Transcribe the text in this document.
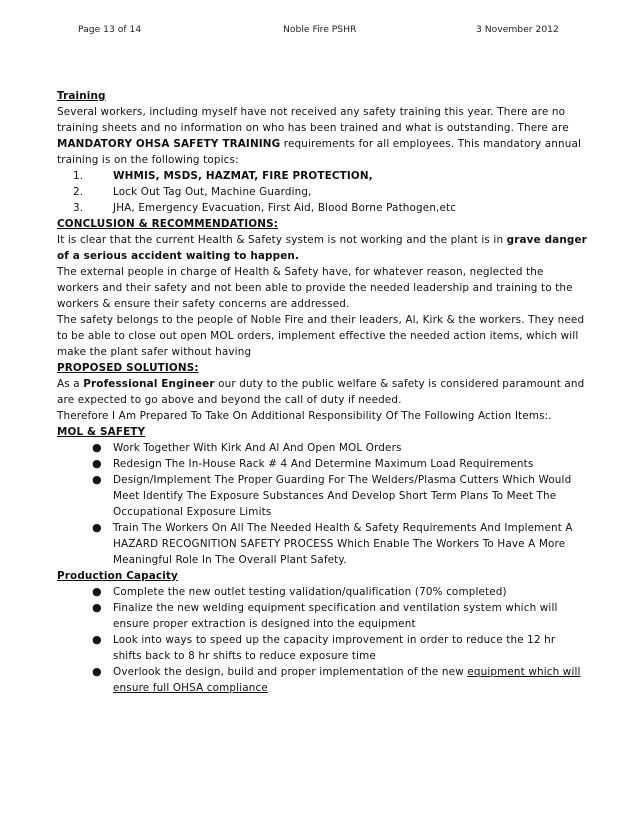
Page 13 of 14	Noble Fire PSHR	3 November 2012

Training

Several workers, including myself have not received any safety training this year. There are no training sheets and no information on who has been trained and what is outstanding. There are MANDATORY OHSA SAFETY TRAINING requirements for all employees. This mandatory annual training is on the following topics:

1.	WHMIS, MSDS, HAZMAT, FIRE PROTECTION,
2.	Lock Out Tag Out, Machine Guarding,
3.	JHA, Emergency Evacuation, First Aid, Blood Borne Pathogen,etc

CONCLUSION & RECOMMENDATIONS:

It is clear that the current Health & Safety system is not working and the plant is in grave danger of a serious accident waiting to happen.

The external people in charge of Health & Safety have, for whatever reason, neglected the workers and their safety and not been able to provide the needed leadership and training to the workers & ensure their safety concerns are addressed.

The safety belongs to the people of Noble Fire and their leaders, Al, Kirk & the workers. They need to be able to close out open MOL orders, implement effective the needed action items, which will make the plant safer without having

PROPOSED SOLUTIONS:

As a Professional Engineer our duty to the public welfare & safety is considered paramount and are expected to go above and beyond the call of duty if needed.

Therefore I Am Prepared To Take On Additional Responsibility Of The Following Action Items:.

MOL & SAFETY

● Work Together With Kirk And Al And Open MOL Orders
● Redesign The In-House Rack # 4 And Determine Maximum Load Requirements
● Design/Implement The Proper Guarding For The Welders/Plasma Cutters Which Would Meet Identify The Exposure Substances And Develop Short Term Plans To Meet The Occupational Exposure Limits
● Train The Workers On All The Needed Health & Safety Requirements And Implement A HAZARD RECOGNITION SAFETY PROCESS Which Enable The Workers To Have A More Meaningful Role In The Overall Plant Safety.

Production Capacity

● Complete the new outlet testing validation/qualification (70% completed)
● Finalize the new welding equipment specification and ventilation system which will ensure proper extraction is designed into the equipment
● Look into ways to speed up the capacity improvement in order to reduce the 12 hr shifts back to 8 hr shifts to reduce exposure time
● Overlook the design, build and proper implementation of the new equipment which will ensure full OHSA compliance
